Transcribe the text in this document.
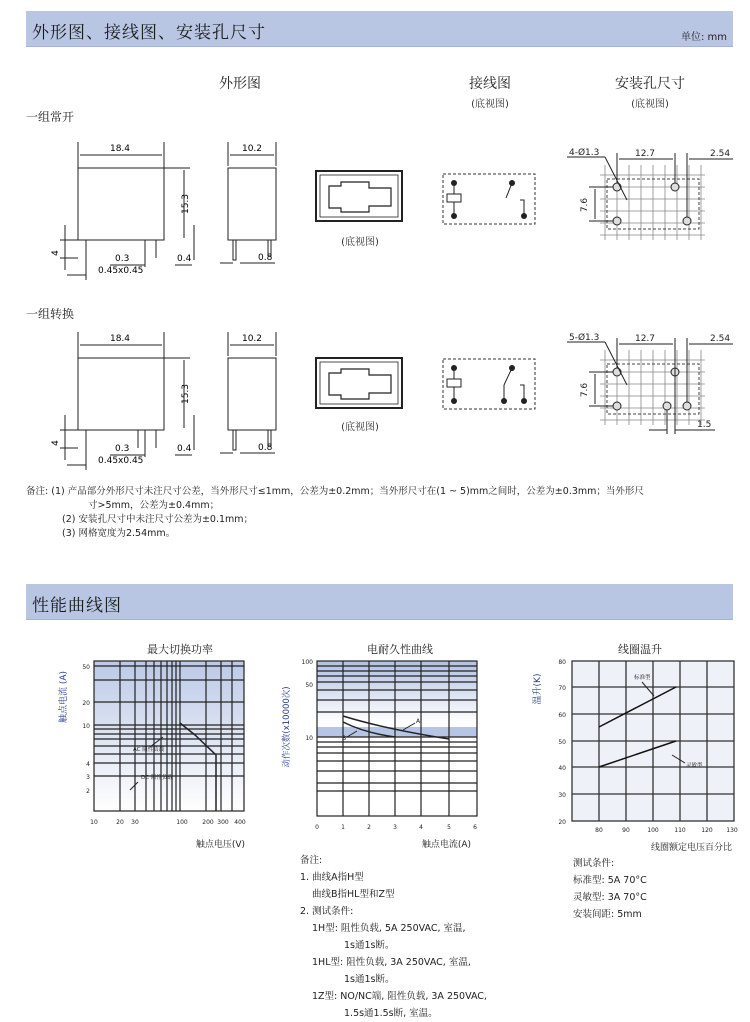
外形图、接线图、安装孔尺寸	单位: mm
外形图	接线图
(底视图)
安装孔尺寸
(底视图)
一组常开
18.4
15.3
4
0.3	0.4
0.45x0.45
10.2
0.8
(底视图)
4-Ø1.3	12.7	2.54
7.6
一组转换
18.4
15.3
4
0.3	0.4
0.45x0.45
10.2
0.8
(底视图)
5-Ø1.3	12.7	2.54
7.6
1.5
备注: (1) 产品部分外形尺寸未注尺寸公差，当外形尺寸≤1mm，公差为±0.2mm；当外形尺寸在(1 ~ 5)mm之间时，公差为±0.3mm；当外形尺
寸>5mm，公差为±0.4mm；
(2) 安装孔尺寸中未注尺寸公差为±0.1mm；
(3) 网格宽度为2.54mm。
性能曲线图
最大切换功率
AC 阻性负载
DC 阻性负载
50
20
10
4
3
2
10	20 30	100 200 300 400
触点电压(V)
触点电流 (A)
电耐久性曲线
A
B
100
50
10
0	1	2	3	4	5	6
触点电流(A)
动作次数(x10000次)
线圈温升
标准型
灵敏型
80
70
60
50
40
30
20
80	90	100	110	120 130
线圈额定电压百分比
温升(K)
备注:
1. 曲线A指H型
曲线B指HL型和Z型
2. 测试条件:
1H型: 阻性负载, 5A 250VAC, 室温,
1s通1s断。
1HL型: 阻性负载, 3A 250VAC, 室温,
1s通1s断。
1Z型: NO/NC端, 阻性负载, 3A 250VAC,
1.5s通1.5s断, 室温。
测试条件:
标准型: 5A 70°C
灵敏型: 3A 70°C
安装间距: 5mm
